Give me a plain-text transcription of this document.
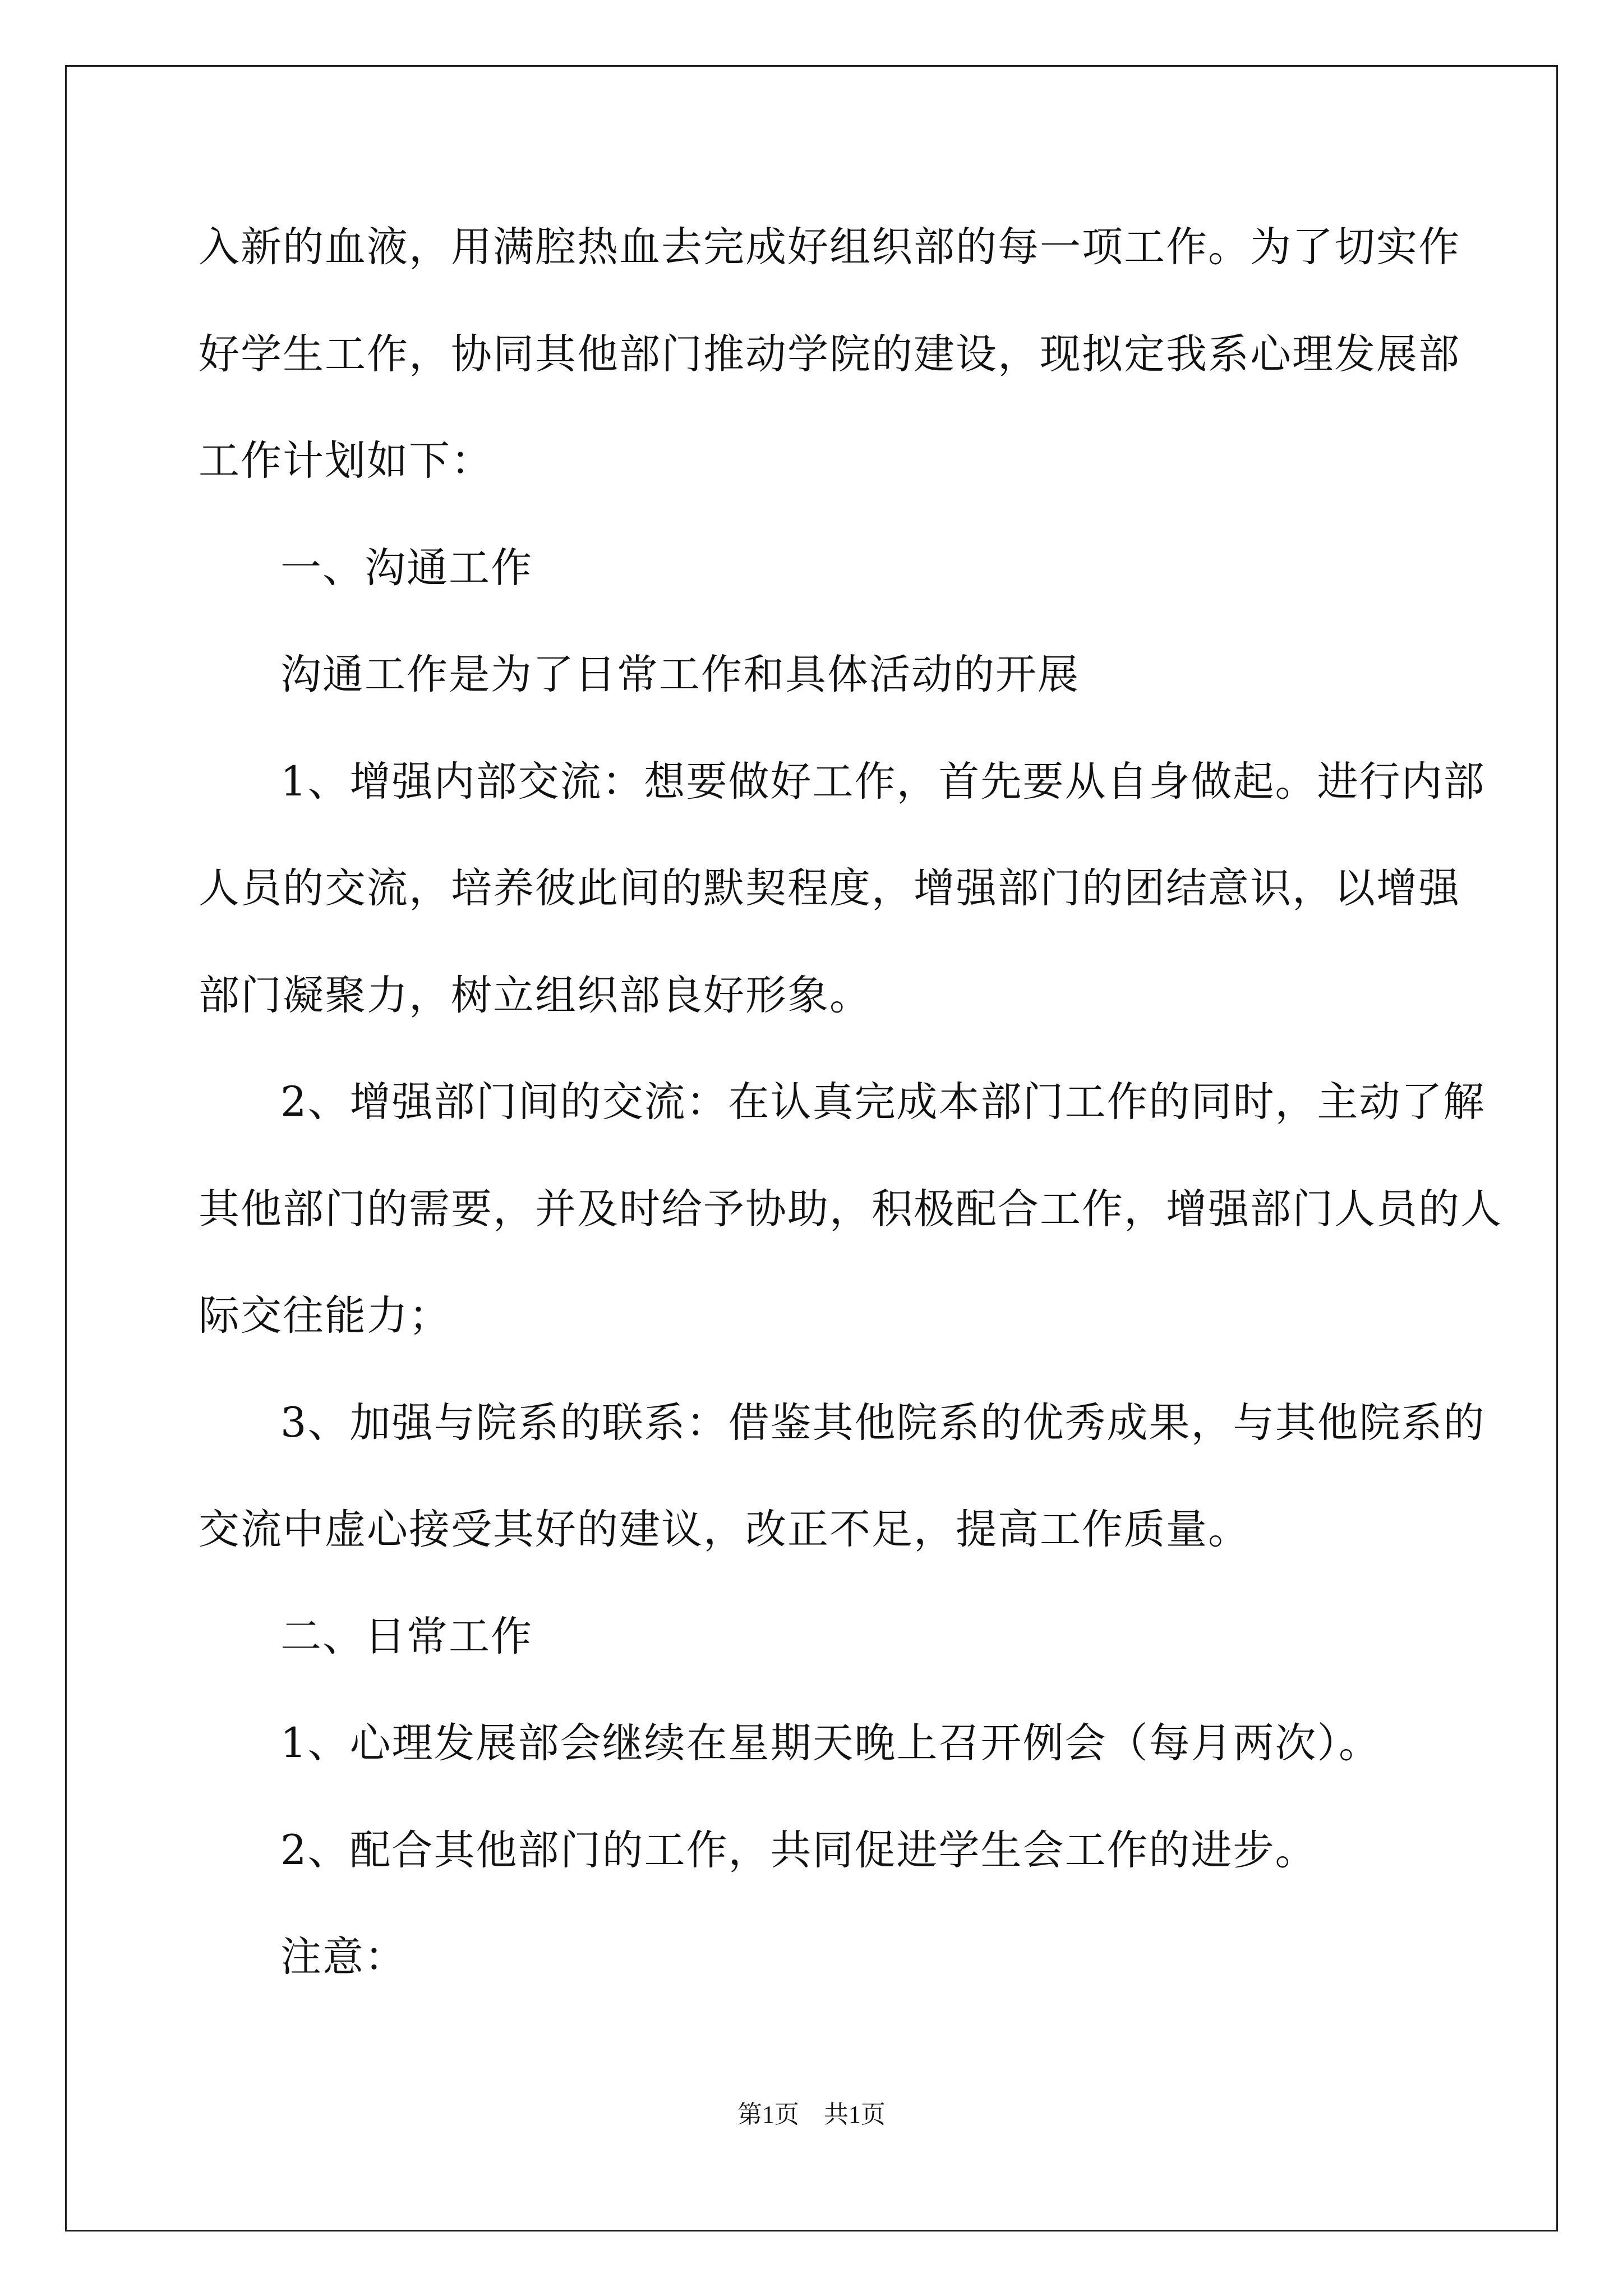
入新的血液，用满腔热血去完成好组织部的每一项工作。为了切实作
好学生工作，协同其他部门推动学院的建设，现拟定我系心理发展部
工作计划如下：
一、沟通工作
沟通工作是为了日常工作和具体活动的开展
1、增强内部交流：想要做好工作，首先要从自身做起。进行内部
人员的交流，培养彼此间的默契程度，增强部门的团结意识，以增强
部门凝聚力，树立组织部良好形象。
2、增强部门间的交流：在认真完成本部门工作的同时，主动了解
其他部门的需要，并及时给予协助，积极配合工作，增强部门人员的人
际交往能力；
3、加强与院系的联系：借鉴其他院系的优秀成果，与其他院系的
交流中虚心接受其好的建议，改正不足，提高工作质量。
二、日常工作
1、心理发展部会继续在星期天晚上召开例会（每月两次）。
2、配合其他部门的工作，共同促进学生会工作的进步。
注意：
第1页　共1页
